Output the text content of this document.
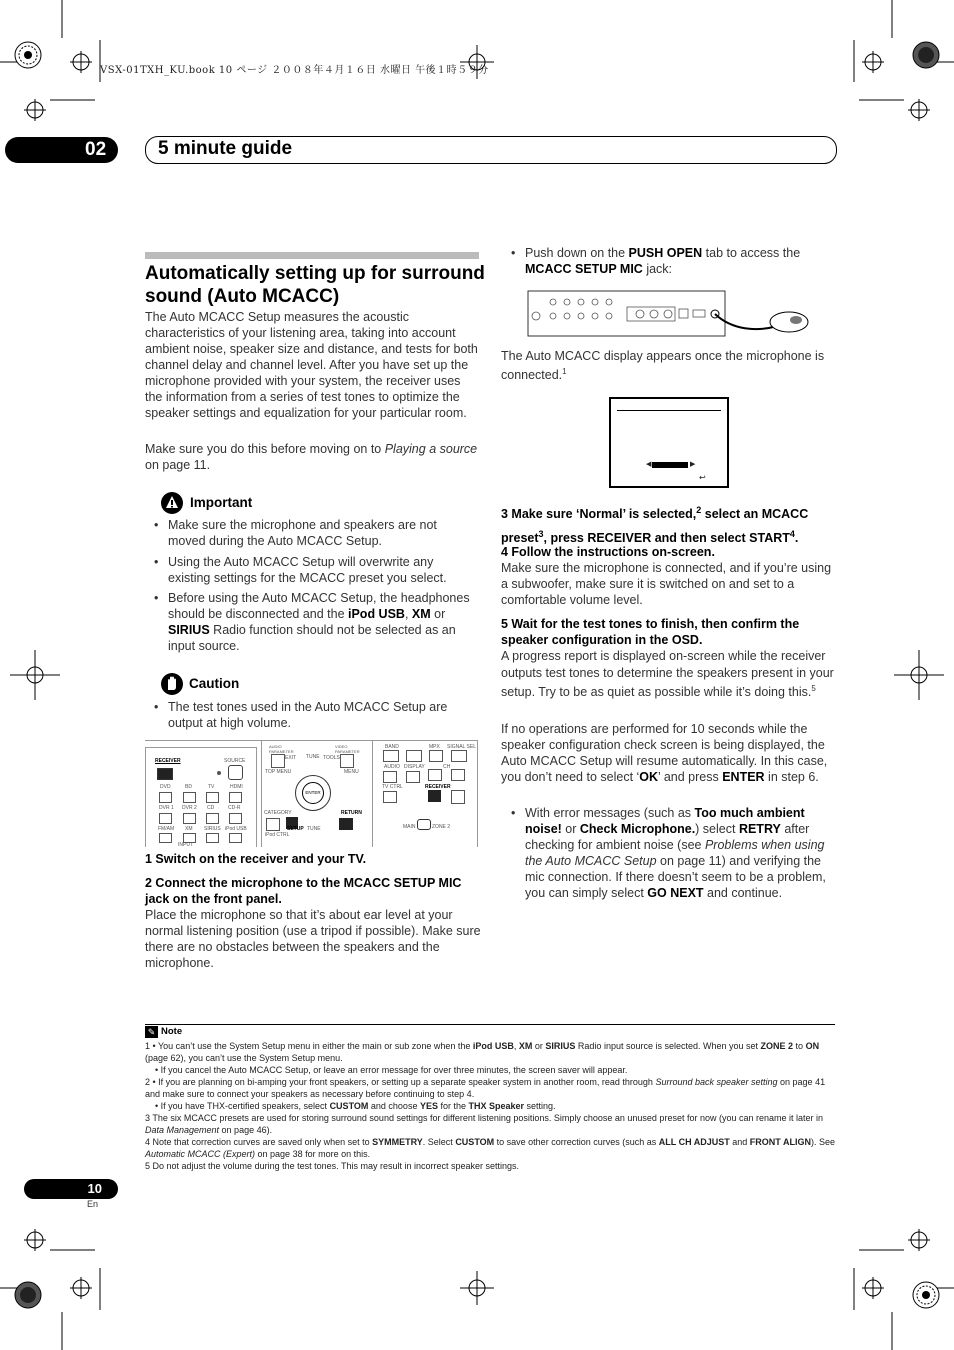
VSX-01TXH_KU.book 10 ページ ２００８年４月１６日 水曜日 午後１時５９分
02	5 minute guide
Automatically setting up for surround sound (Auto MCACC)
The Auto MCACC Setup measures the acoustic characteristics of your listening area, taking into account ambient noise, speaker size and distance, and tests for both channel delay and channel level. After you have set up the microphone provided with your system, the receiver uses the information from a series of test tones to optimize the speaker settings and equalization for your particular room.
Make sure you do this before moving on to Playing a source on page 11.
Important
• Make sure the microphone and speakers are not moved during the Auto MCACC Setup.
• Using the Auto MCACC Setup will overwrite any existing settings for the MCACC preset you select.
• Before using the Auto MCACC Setup, the headphones should be disconnected and the iPod USB, XM or SIRIUS Radio function should not be selected as an input source.
Caution
• The test tones used in the Auto MCACC Setup are output at high volume.
RECEIVER	SOURCE
DVD	BD	TV	HDMI
DVR 1 DVR 2 CD	CD-R
FM/AM XM SIRIUS iPod USB
INPUT
AUDIO PARAMETER
VIDEO PARAMETER
EXIT TUNE TOOLS
TOP MENU	MENU
ENTER
CATEGORY	RETURN
SETUP TUNE
iPod CTRL
BAND	MPX SIGNAL SEL
AUDIO DISPLAY	CH
TV CTRL	RECEIVER
MAIN	ZONE 2
1 Switch on the receiver and your TV.
2 Connect the microphone to the MCACC SETUP MIC jack on the front panel.
Place the microphone so that it’s about ear level at your normal listening position (use a tripod if possible). Make sure there are no obstacles between the speakers and the microphone.
• Push down on the PUSH OPEN tab to access the MCACC SETUP MIC jack:
The Auto MCACC display appears once the microphone is connected.$^1$
◀	▶
↩
3 Make sure ‘Normal’ is selected,$^2$ select an MCACC preset$^3$, press RECEIVER and then select START$^4$.
4 Follow the instructions on-screen.
Make sure the microphone is connected, and if you’re using a subwoofer, make sure it is switched on and set to a comfortable volume level.
5 Wait for the test tones to finish, then confirm the speaker configuration in the OSD.
A progress report is displayed on-screen while the receiver outputs test tones to determine the speakers present in your setup. Try to be as quiet as possible while it’s doing this.$^5$
If no operations are performed for 10 seconds while the speaker configuration check screen is being displayed, the Auto MCACC Setup will resume automatically. In this case, you don’t need to select ‘OK’ and press ENTER in step 6.
• With error messages (such as Too much ambient noise! or Check Microphone.) select RETRY after checking for ambient noise (see Problems when using the Auto MCACC Setup on page 11) and verifying the mic connection. If there doesn’t seem to be a problem, you can simply select GO NEXT and continue.
✎ Note

1 • You can’t use the System Setup menu in either the main or sub zone when the iPod USB, XM or SIRIUS Radio input source is selected. When you set ZONE 2 to ON (page 62), you can’t use the System Setup menu.

• If you cancel the Auto MCACC Setup, or leave an error message for over three minutes, the screen saver will appear.

2 • If you are planning on bi-amping your front speakers, or setting up a separate speaker system in another room, read through Surround back speaker setting on page 41 and make sure to connect your speakers as necessary before continuing to step 4.

• If you have THX-certified speakers, select CUSTOM and choose YES for the THX Speaker setting.

3 The six MCACC presets are used for storing surround sound settings for different listening positions. Simply choose an unused preset for now (you can rename it later in Data Management on page 46).

4 Note that correction curves are saved only when set to SYMMETRY. Select CUSTOM to save other correction curves (such as ALL CH ADJUST and FRONT ALIGN). See Automatic MCACC (Expert) on page 38 for more on this.

5 Do not adjust the volume during the test tones. This may result in incorrect speaker settings.

10
En
